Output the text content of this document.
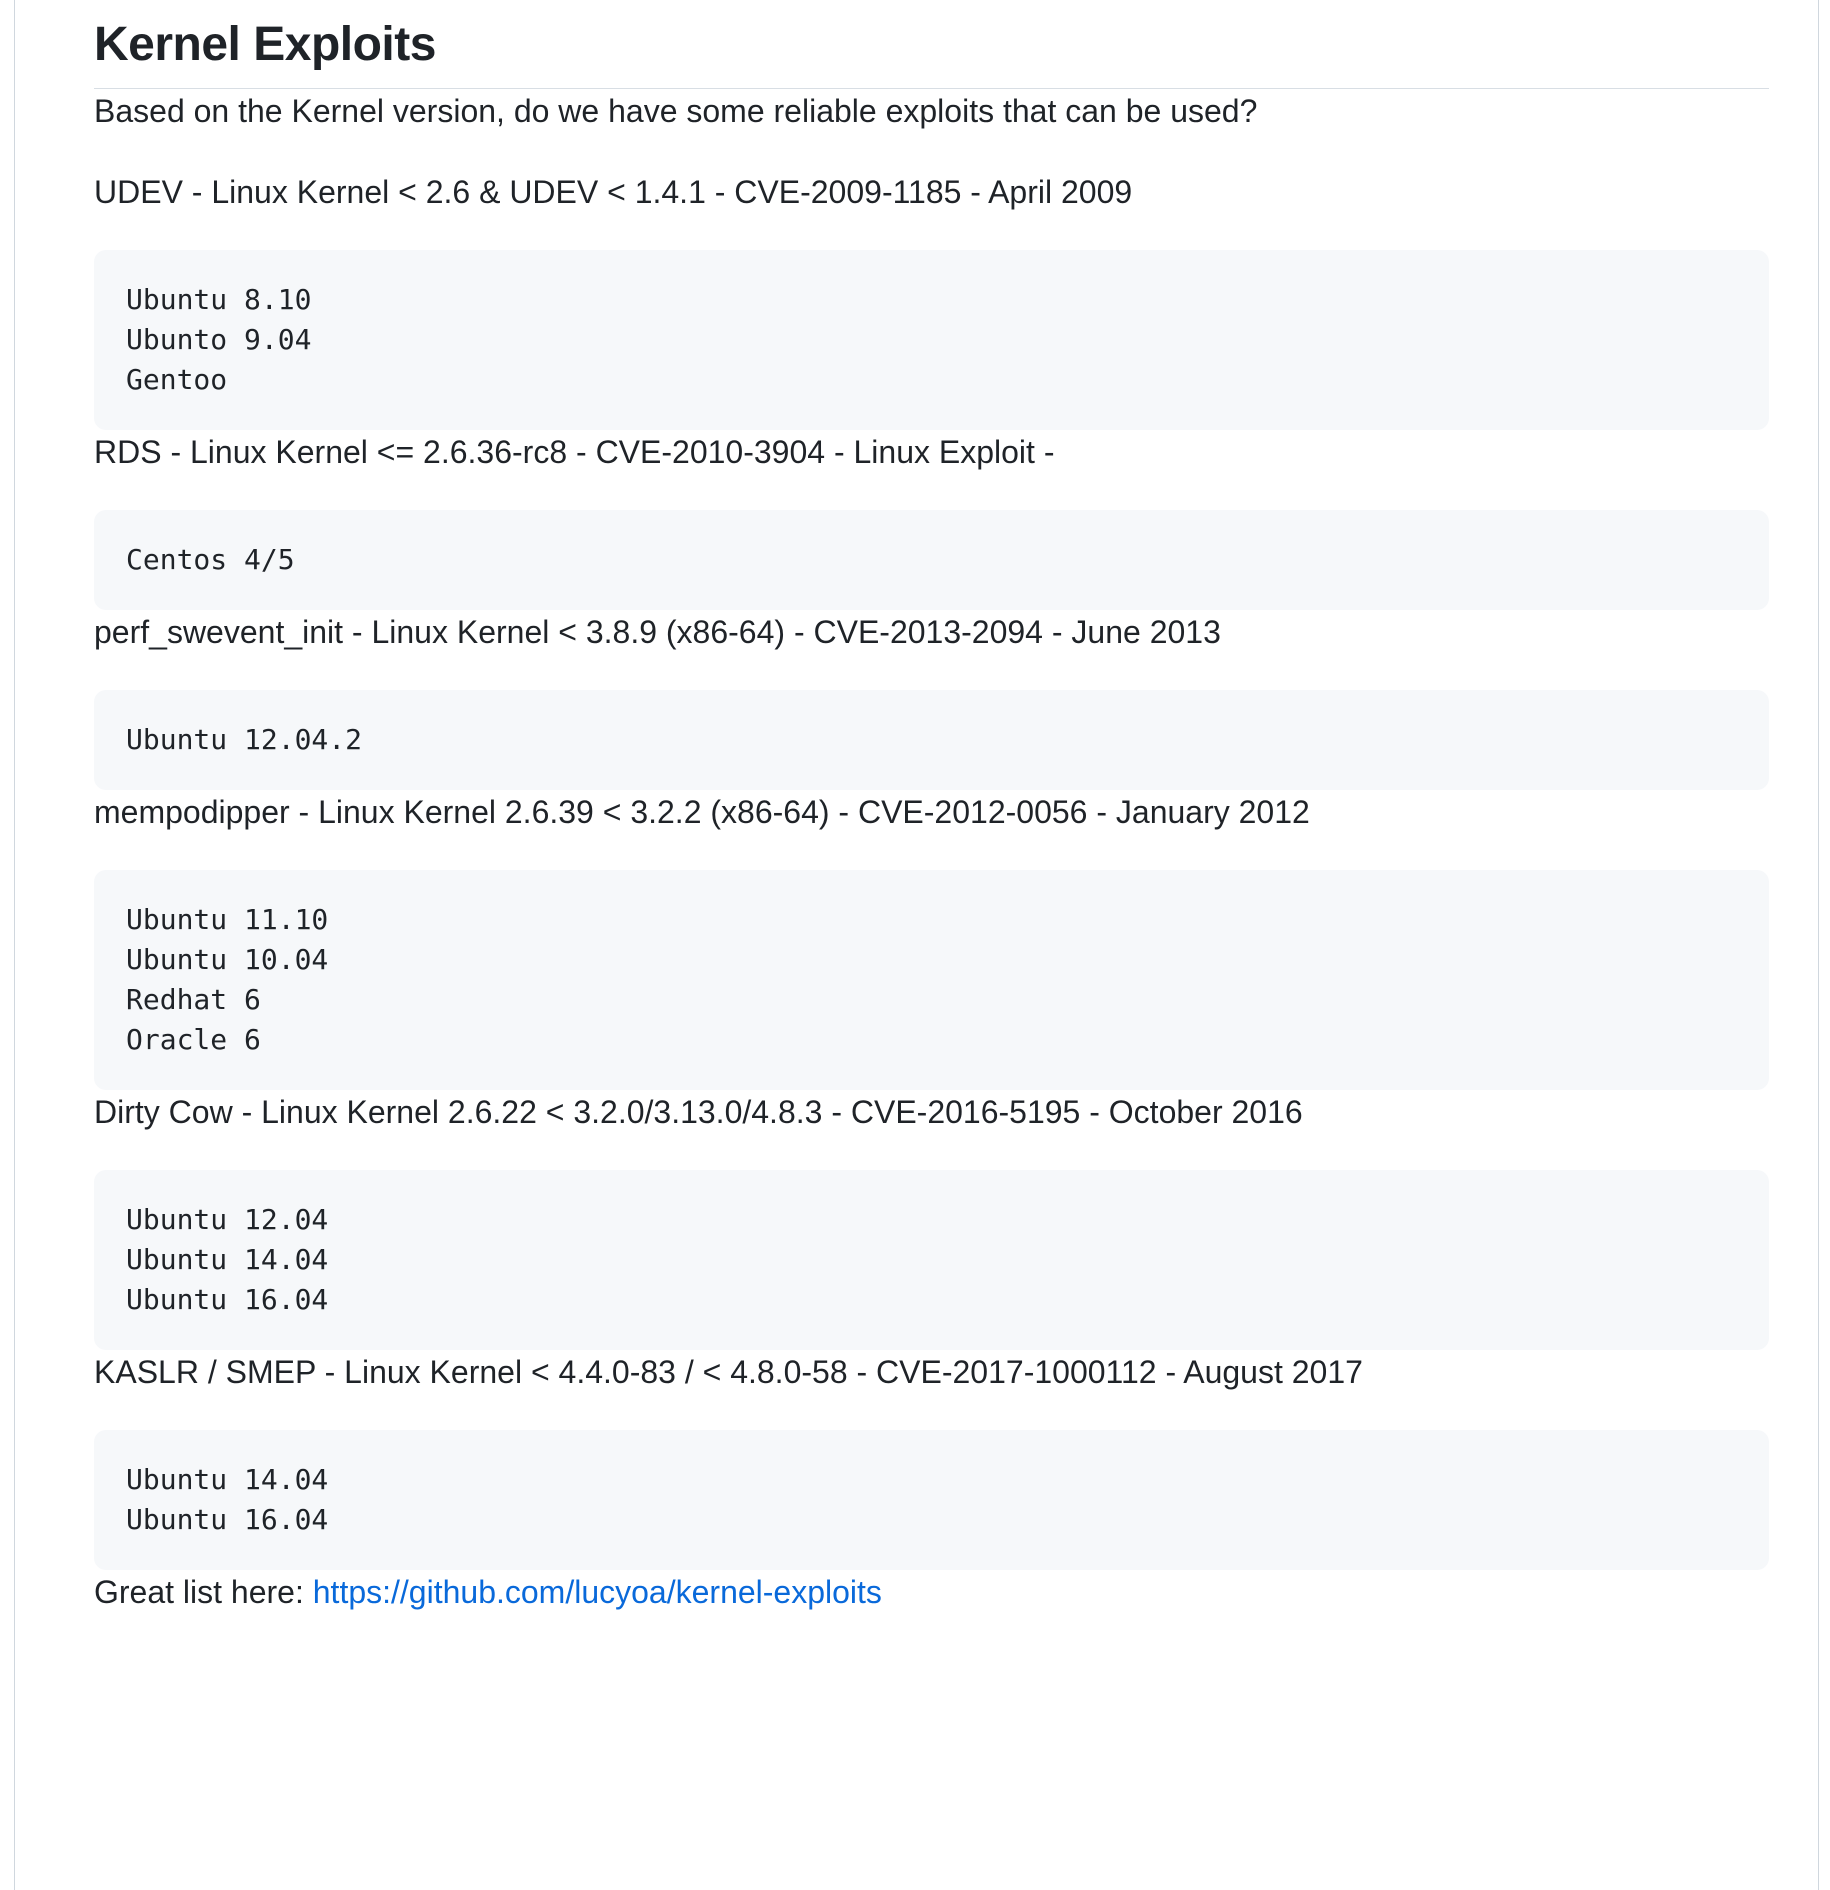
Kernel Exploits

Based on the Kernel version, do we have some reliable exploits that can be used?

UDEV - Linux Kernel < 2.6 & UDEV < 1.4.1 - CVE-2009-1185 - April 2009

Ubuntu 8.10
Ubunto 9.04
Gentoo

RDS - Linux Kernel <= 2.6.36-rc8 - CVE-2010-3904 - Linux Exploit -

Centos 4/5

perf_swevent_init - Linux Kernel < 3.8.9 (x86-64) - CVE-2013-2094 - June 2013

Ubuntu 12.04.2

mempodipper - Linux Kernel 2.6.39 < 3.2.2 (x86-64) - CVE-2012-0056 - January 2012

Ubuntu 11.10
Ubuntu 10.04
Redhat 6
Oracle 6

Dirty Cow - Linux Kernel 2.6.22 < 3.2.0/3.13.0/4.8.3 - CVE-2016-5195 - October 2016

Ubuntu 12.04
Ubuntu 14.04
Ubuntu 16.04

KASLR / SMEP - Linux Kernel < 4.4.0-83 / < 4.8.0-58 - CVE-2017-1000112 - August 2017

Ubuntu 14.04
Ubuntu 16.04

Great list here: https://github.com/lucyoa/kernel-exploits
